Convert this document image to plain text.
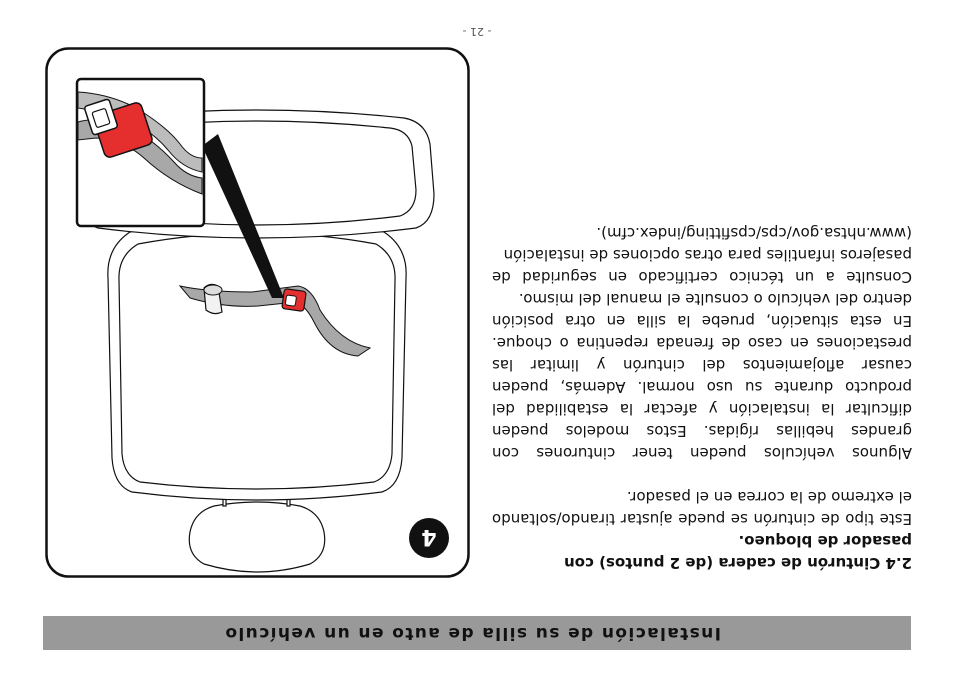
Instalación de su silla de auto en un vehículo

2.4 Cinturón de cadera (de 2 puntos) con pasador de bloqueo.

Este tipo de cinturón se puede ajustar tirando/soltando el extremo de la correa en el pasador.

Algunos vehículos pueden tener cinturones con grandes hebillas rígidas. Estos modelos pueden dificultar la instalación y afectar la estabilidad del producto durante su uso normal. Además, pueden causar aflojamientos del cinturón y limitar las prestaciones en caso de frenada repentina o choque. En esta situación, pruebe la silla en otra posición dentro del vehículo o consulte el manual del mismo.

Consulte a un técnico certificado en seguridad de pasajeros infantiles para otras opciones de instalación

(www.nhtsa.gov/cps/cpsfitting/index.cfm).

4
- 21 -
